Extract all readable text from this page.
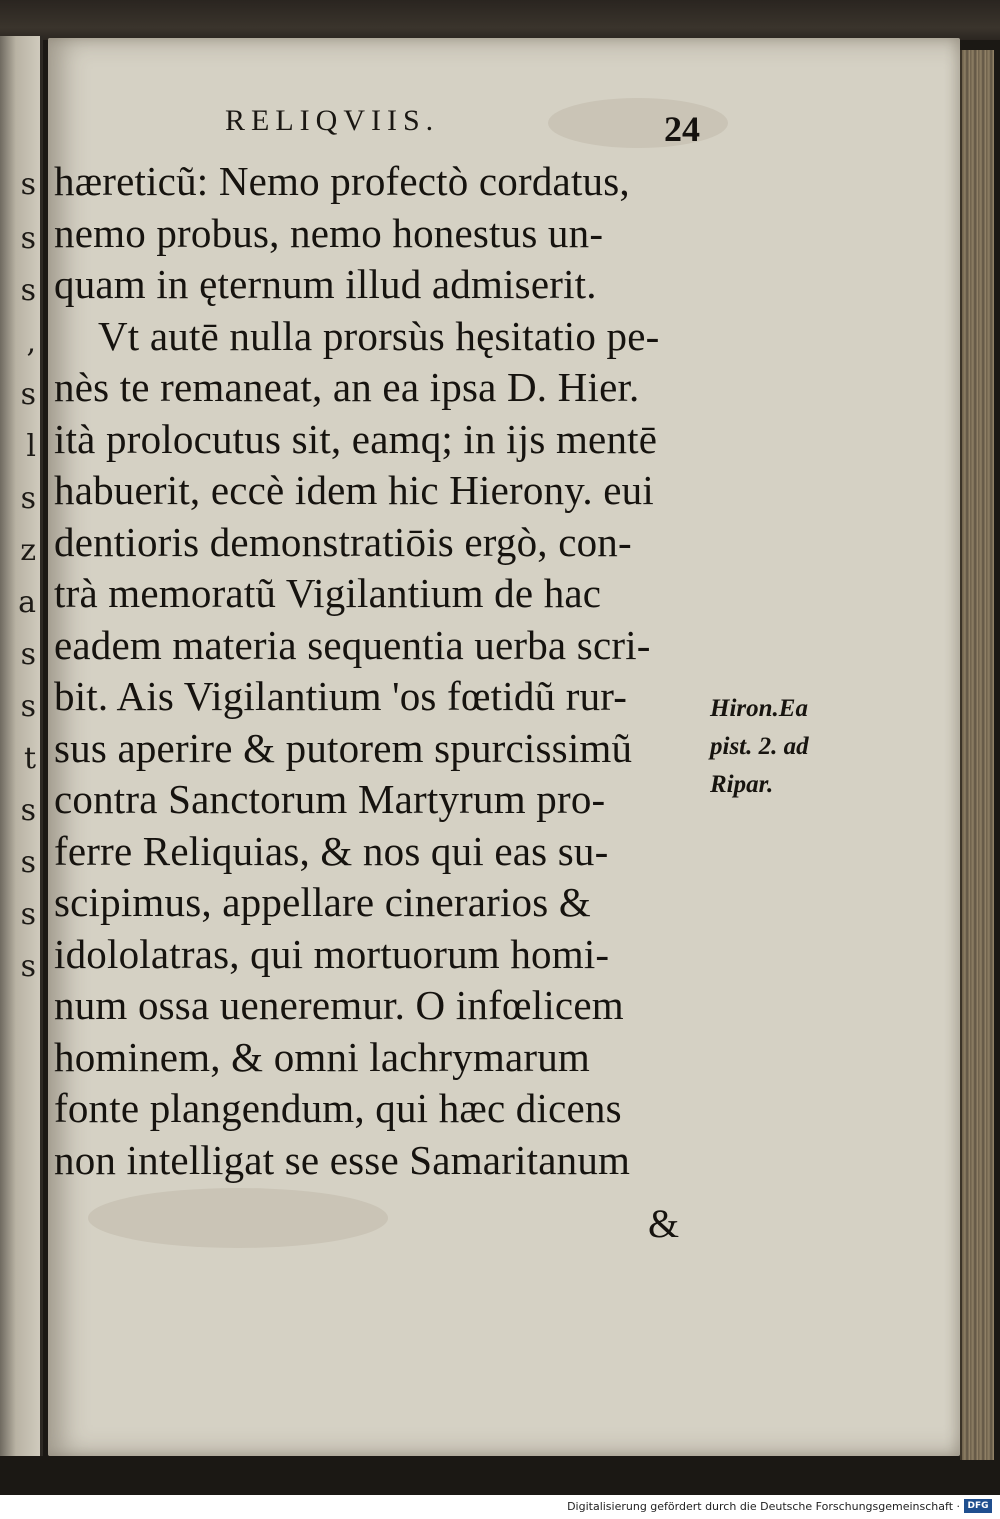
s
s
s
,
s
l
s
z
a
s
s
t
s
s
s
s
RELIQVIIS.	24
hæreticũ: Nemo profectò cordatus,
nemo probus, nemo honestus un-
quam in ęternum illud admiserit.
Vt autē nulla prorsùs hęsitatio pe-
nès te remaneat, an ea ipsa D. Hier.
ità prolocutus sit, eamq; in ijs mentē
habuerit, eccè idem hic Hierony. eui
dentioris demonstratiōis ergò, con-
trà memoratũ Vigilantium de hac
eadem materia sequentia uerba scri-
bit. Ais Vigilantium 'os fœtidũ rur-
sus aperire & putorem spurcissimũ
contra Sanctorum Martyrum pro-
ferre Reliquias, & nos qui eas su-
scipimus, appellare cinerarios &
idololatras, qui mortuorum homi-
num ossa ueneremur. O infœlicem
hominem, & omni lachrymarum
fonte plangendum, qui hæc dicens
non intelligat se esse Samaritanum
Hiron.Ea
pist. 2. ad
Ripar.
&
Digitalisierung gefördert durch die Deutsche Forschungsgemeinschaft · DFG
